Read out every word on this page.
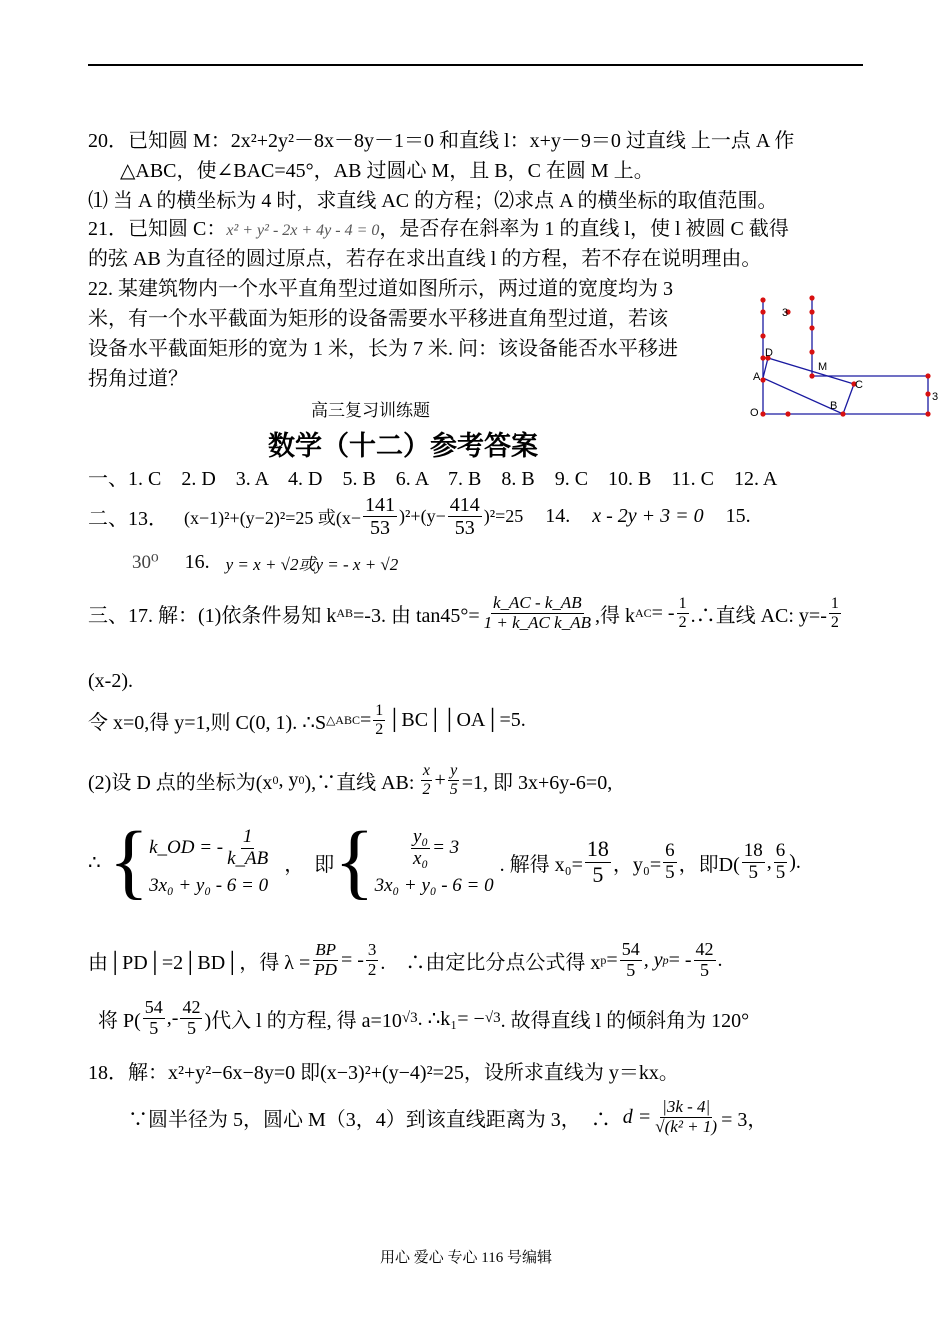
20．已知圆 M：2x²+2y²－8x－8y－1＝0 和直线 l：x+y－9＝0 过直线 上一点 A 作
△ABC，使∠BAC=45°，AB 过圆心 M，且 B，C 在圆 M 上。
⑴ 当 A 的横坐标为 4 时，求直线 AC 的方程；⑵求点 A 的横坐标的取值范围。
21．已知圆 C：x² + y² - 2x + 4y - 4 = 0，是否存在斜率为 1 的直线 l，使 l 被圆 C 截得
的弦 AB 为直径的圆过原点，若存在求出直线 l 的方程，若不存在说明理由。
22. 某建筑物内一个水平直角型过道如图所示，两过道的宽度均为 3
米，有一个水平截面为矩形的设备需要水平移进直角型过道，若该
设备水平截面矩形的宽为 1 米，长为 7 米. 问：该设备能否水平移进
拐角过道？
3
3
D
M
A
C
B
O
高三复习训练题
数学（十二）参考答案
一、1. C　2. D　3. A　4. D　5. B　6. A　7. B　8. B　9. C　10. B　11. C　12. A
二、13． (x−1)²+(y−2)²=25 或$(x- \frac{141}{53} )^2+(y- \frac{414}{53} )^2=25$ 14. x - 2y + 3 = 0 15.
30⁰ 16. y = x + √2或y = - x + √2
三、17. 解：(1)依条件易知 k AB =-3. 由 $\tan 45^\circ= \frac{k\_AC - k\_AB}{\text{1 + k\_AC k\_AB}}$ ,得 k AC = - $\frac{1}{2}$ .∴直线 AC: $y=- \frac{1}{2}$
(x-2).
令 x=0,得 y=1,则 C(0, 1). ∴S △ABC = $\frac{1}{2}$ │BC││OA│=5.
(2)设 D 点的坐标为(x 0 , y 0 ),∵直线 AB: $\frac{x}{2} + \frac{y}{5} =1$, 即 3x+6y-6=0,
∴ { k_OD = - $\frac{1}{k\_AB}$
3x₀ + y₀ - 6 = 0
，　即 { $\frac{\text{y₀}}{\text{x₀}} = 3$
3x₀ + y₀ - 6 = 0
. 解得 $x_0= \frac{18}{5}$ ，$y_0= \frac{6}{5}$ ，即$D( \frac{18}{5}$ , $\frac{6}{5}$ ).
由│PD│=2│BD│，得 $\lambda = \frac{BP}{PD}$ = - $\frac{3}{2}$ .　∴由定比分点公式得 x $p = \frac{54}{5}$ , y p = - $\frac{42}{5}$ .
将 $P( \frac{54}{5}$ ,- $\frac{42}{5}$ )代入 l 的方程, 得 a=10 √3 . ∴k₁= − √3 . 故得直线 l 的倾斜角为 120°
18．解：x²+y²−6x−8y=0 即(x−3)²+(y−4)²=25，设所求直线为 y＝kx。
∵圆半径为 5，圆心 M（3，4）到该直线距离为 3，　∴ $d = \frac{|3k - 4|}{\text{√(k² + 1)}} = 3$，
用心 爱心 专心 116 号编辑
